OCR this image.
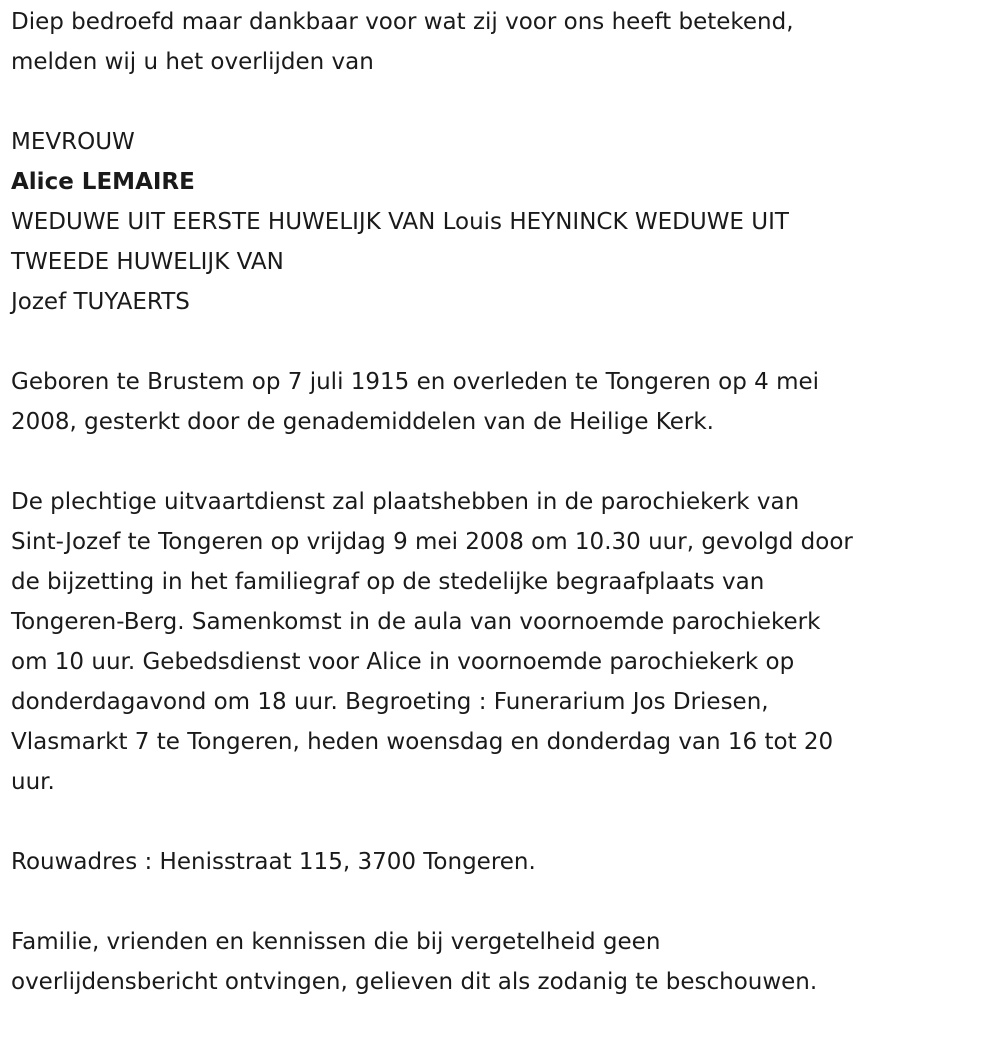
Diep bedroefd maar dankbaar voor wat zij voor ons heeft betekend,
melden wij u het overlijden van

MEVROUW

Alice LEMAIRE

WEDUWE UIT EERSTE HUWELIJK VAN Louis HEYNINCK WEDUWE UIT
TWEEDE HUWELIJK VAN

Jozef TUYAERTS

Geboren te Brustem op 7 juli 1915 en overleden te Tongeren op 4 mei
2008, gesterkt door de genademiddelen van de Heilige Kerk.

De plechtige uitvaartdienst zal plaatshebben in de parochiekerk van
Sint-Jozef te Tongeren op vrijdag 9 mei 2008 om 10.30 uur, gevolgd door
de bijzetting in het familiegraf op de stedelijke begraafplaats van
Tongeren-Berg. Samenkomst in de aula van voornoemde parochiekerk
om 10 uur. Gebedsdienst voor Alice in voornoemde parochiekerk op
donderdagavond om 18 uur. Begroeting : Funerarium Jos Driesen,
Vlasmarkt 7 te Tongeren, heden woensdag en donderdag van 16 tot 20
uur.

Rouwadres : Henisstraat 115, 3700 Tongeren.

Familie, vrienden en kennissen die bij vergetelheid geen
overlijdensbericht ontvingen, gelieven dit als zodanig te beschouwen.
